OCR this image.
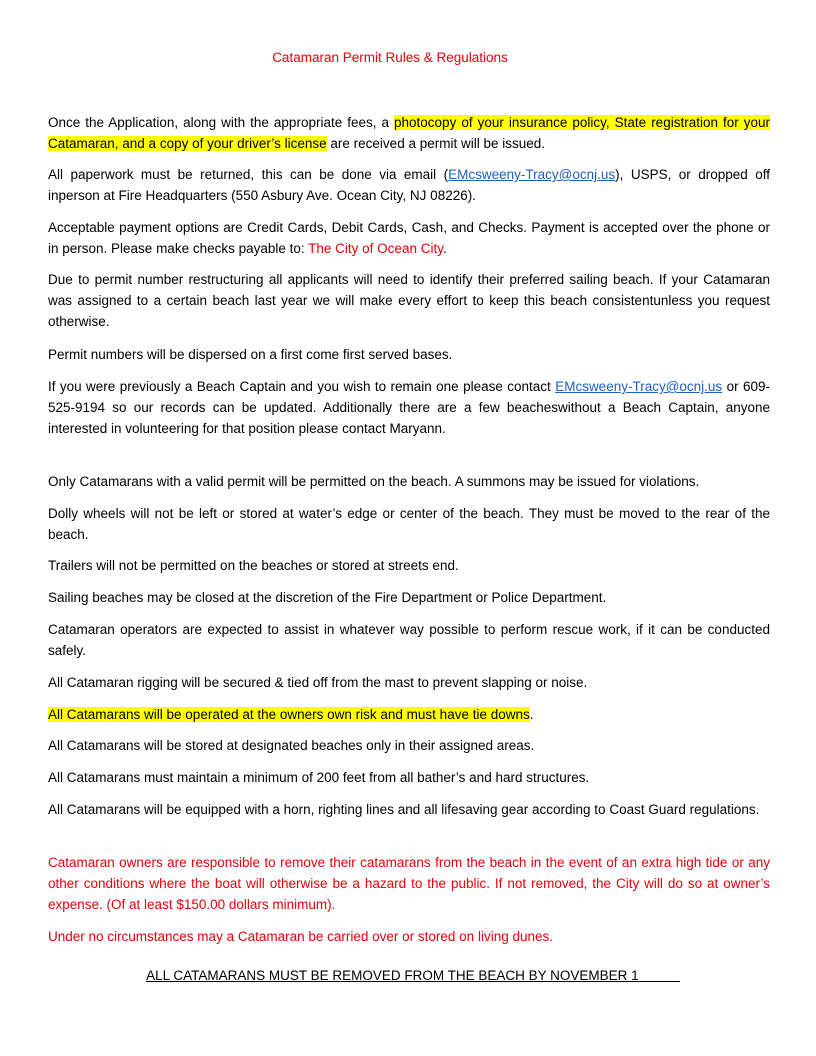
Catamaran Permit Rules & Regulations

Once the Application, along with the appropriate fees, a photocopy of your insurance policy, State registration for your Catamaran, and a copy of your driver’s license are received a permit will be issued.

All paperwork must be returned, this can be done via email (EMcsweeny-Tracy@ocnj.us), USPS, or dropped off inperson at Fire Headquarters (550 Asbury Ave. Ocean City, NJ 08226).

Acceptable payment options are Credit Cards, Debit Cards, Cash, and Checks. Payment is accepted over the phone or in person. Please make checks payable to: The City of Ocean City.

Due to permit number restructuring all applicants will need to identify their preferred sailing beach. If your Catamaran was assigned to a certain beach last year we will make every effort to keep this beach consistentunless you request otherwise.

Permit numbers will be dispersed on a first come first served bases.

If you were previously a Beach Captain and you wish to remain one please contact EMcsweeny-Tracy@ocnj.us or 609-525-9194 so our records can be updated. Additionally there are a few beacheswithout a Beach Captain, anyone interested in volunteering for that position please contact Maryann.

Only Catamarans with a valid permit will be permitted on the beach. A summons may be issued for violations.

Dolly wheels will not be left or stored at water’s edge or center of the beach. They must be moved to the rear of the beach.

Trailers will not be permitted on the beaches or stored at streets end.

Sailing beaches may be closed at the discretion of the Fire Department or Police Department.

Catamaran operators are expected to assist in whatever way possible to perform rescue work, if it can be conducted safely.

All Catamaran rigging will be secured & tied off from the mast to prevent slapping or noise.

All Catamarans will be operated at the owners own risk and must have tie downs.

All Catamarans will be stored at designated beaches only in their assigned areas.

All Catamarans must maintain a minimum of 200 feet from all bather’s and hard structures.

All Catamarans will be equipped with a horn, righting lines and all lifesaving gear according to Coast Guard regulations.

Catamaran owners are responsible to remove their catamarans from the beach in the event of an extra high tide or any other conditions where the boat will otherwise be a hazard to the public. If not removed, the City will do so at owner’s expense. (Of at least $150.00 dollars minimum).

Under no circumstances may a Catamaran be carried over or stored on living dunes.

ALL CATAMARANS MUST BE REMOVED FROM THE BEACH BY NOVEMBER 1
